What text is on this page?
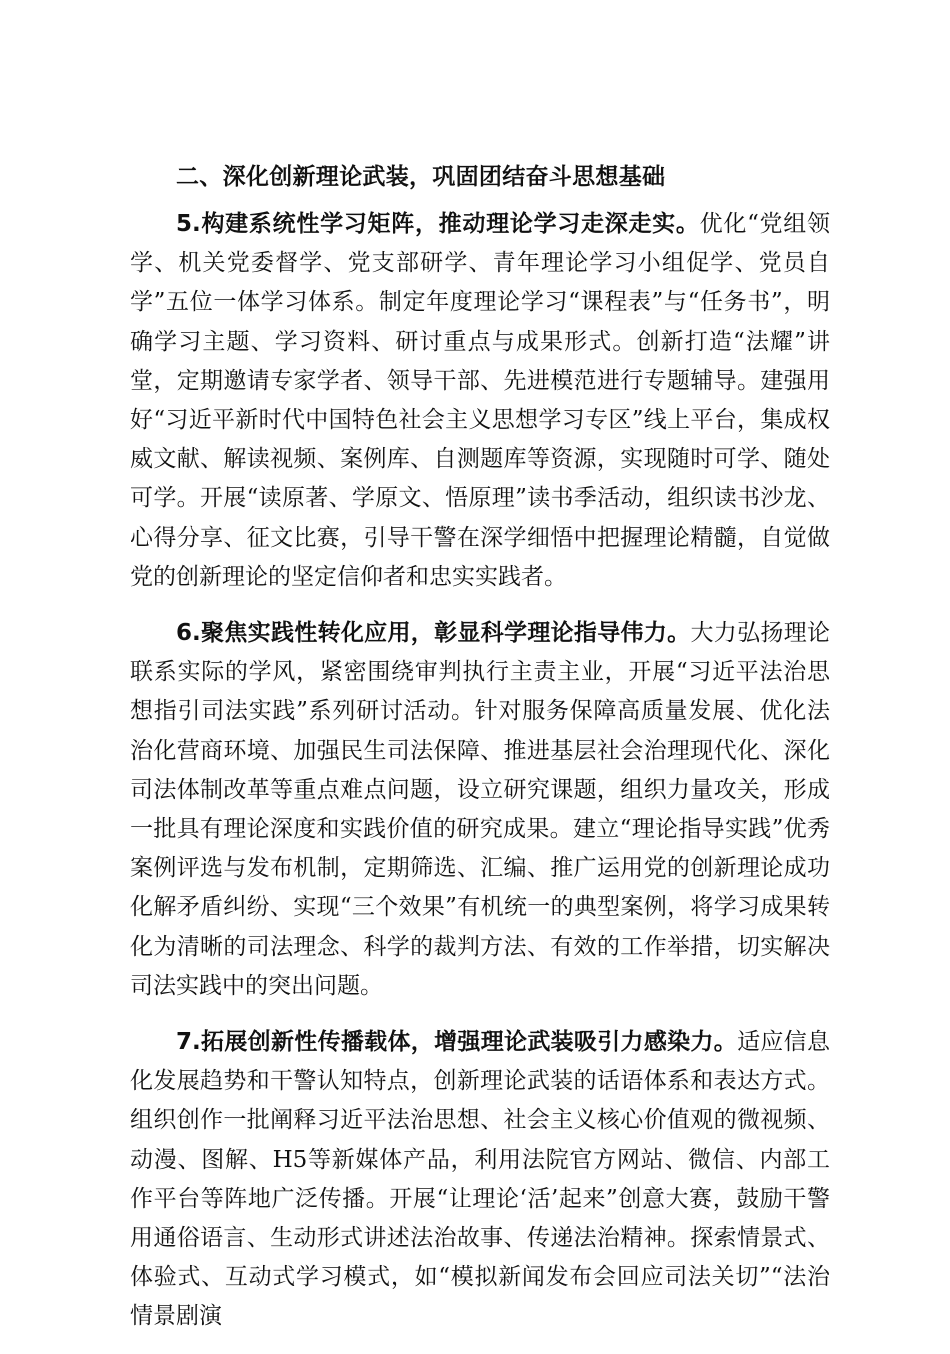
二、深化创新理论武装，巩固团结奋斗思想基础

5.构建系统性学习矩阵，推动理论学习走深走实。优化“党组领学、机关党委督学、党支部研学、青年理论学习小组促学、党员自学”五位一体学习体系。制定年度理论学习“课程表”与“任务书”，明确学习主题、学习资料、研讨重点与成果形式。创新打造“法耀”讲堂，定期邀请专家学者、领导干部、先进模范进行专题辅导。建强用好“习近平新时代中国特色社会主义思想学习专区”线上平台，集成权威文献、解读视频、案例库、自测题库等资源，实现随时可学、随处可学。开展“读原著、学原文、悟原理”读书季活动，组织读书沙龙、心得分享、征文比赛，引导干警在深学细悟中把握理论精髓，自觉做党的创新理论的坚定信仰者和忠实实践者。

6.聚焦实践性转化应用，彰显科学理论指导伟力。大力弘扬理论联系实际的学风，紧密围绕审判执行主责主业，开展“习近平法治思想指引司法实践”系列研讨活动。针对服务保障高质量发展、优化法治化营商环境、加强民生司法保障、推进基层社会治理现代化、深化司法体制改革等重点难点问题，设立研究课题，组织力量攻关，形成一批具有理论深度和实践价值的研究成果。建立“理论指导实践”优秀案例评选与发布机制，定期筛选、汇编、推广运用党的创新理论成功化解矛盾纠纷、实现“三个效果”有机统一的典型案例，将学习成果转化为清晰的司法理念、科学的裁判方法、有效的工作举措，切实解决司法实践中的突出问题。

7.拓展创新性传播载体，增强理论武装吸引力感染力。适应信息化发展趋势和干警认知特点，创新理论武装的话语体系和表达方式。组织创作一批阐释习近平法治思想、社会主义核心价值观的微视频、动漫、图解、H5等新媒体产品，利用法院官方网站、微信、内部工作平台等阵地广泛传播。开展“让理论‘活’起来”创意大赛，鼓励干警用通俗语言、生动形式讲述法治故事、传递法治精神。探索情景式、体验式、互动式学习模式，如“模拟新闻发布会回应司法关切”“法治情景剧演
